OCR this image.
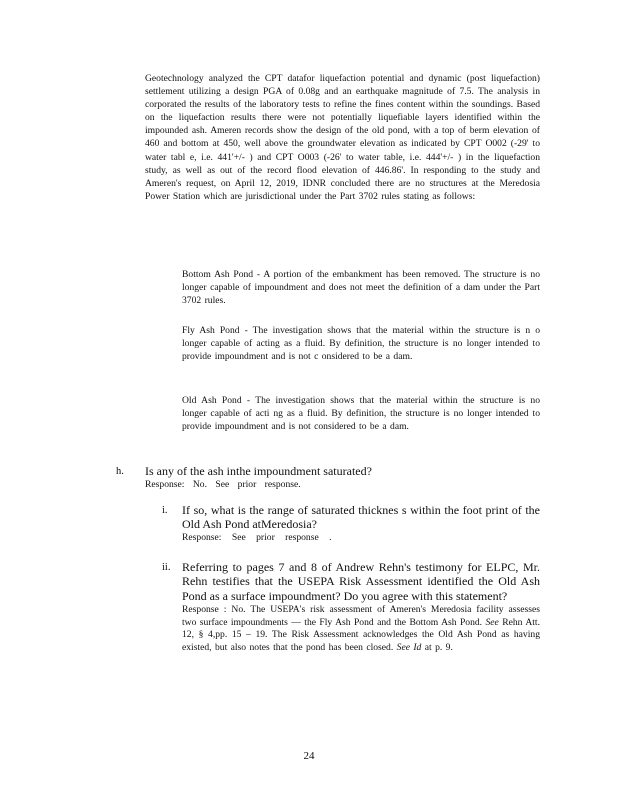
Geotechnology analyzed the CPT datafor liquefaction potential and dynamic (post liquefaction) settlement utilizing a design PGA of 0.08g and an earthquake magnitude of 7.5. The analysis in corporated the results of the laboratory tests to refine the fines content within the soundings. Based on the liquefaction results there were not potentially liquefiable layers identified within the impounded ash. Ameren records show the design of the old pond, with a top of berm elevation of 460 and bottom at 450, well above the groundwater elevation as indicated by CPT O002 (-29' to water tabl e, i.e. 441'+/- ) and CPT O003 (-26' to water table, i.e. 444'+/- ) in the liquefaction study, as well as out of the record flood elevation of 446.86'. In responding to the study and Ameren's request, on April 12, 2019, IDNR concluded there are no structures at the Meredosia Power Station which are jurisdictional under the Part 3702 rules stating as follows:

Bottom Ash Pond - A portion of the embankment has been removed. The structure is no longer capable of impoundment and does not meet the definition of a dam under the Part 3702 rules.

Fly Ash Pond - The investigation shows that the material within the structure is n o longer capable of acting as a fluid. By definition, the structure is no longer intended to provide impoundment and is not c onsidered to be a dam.

Old Ash Pond - The investigation shows that the material within the structure is no longer capable of acti ng as a fluid. By definition, the structure is no longer intended to provide impoundment and is not considered to be a dam.

h. Is any of the ash inthe impoundment saturated?

Response: No. See prior response.

i. If so, what is the range of saturated thicknes s within the foot print of the Old Ash Pond atMeredosia?

Response: See prior response .

ii. Referring to pages 7 and 8 of Andrew Rehn's testimony for ELPC, Mr. Rehn testifies that the USEPA Risk Assessment identified the Old Ash Pond as a surface impoundment? Do you agree with this statement?

Response : No. The USEPA's risk assessment of Ameren's Meredosia facility assesses two surface impoundments — the Fly Ash Pond and the Bottom Ash Pond. See Rehn Att. 12, § 4,pp. 15 – 19. The Risk Assessment acknowledges the Old Ash Pond as having existed, but also notes that the pond has been closed. See Id at p. 9.

24
